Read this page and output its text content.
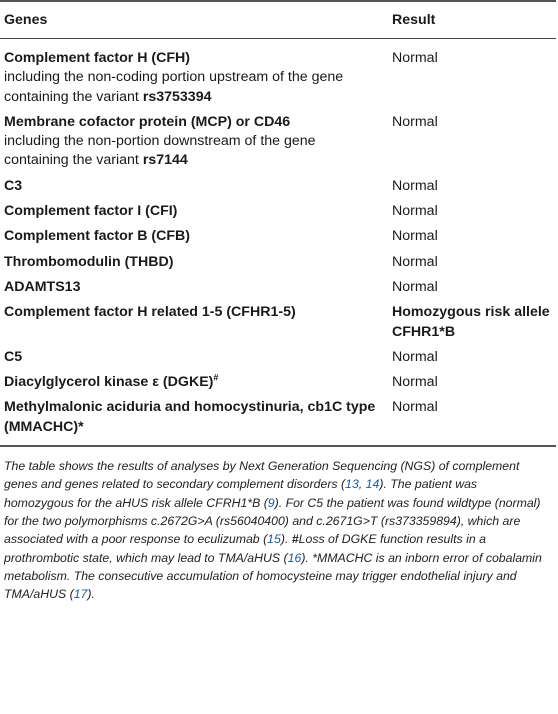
Genes	Result

Complement factor H (CFH)
including the non-coding portion upstream of the gene containing the variant rs3753394	Normal

Membrane cofactor protein (MCP) or CD46
including the non-portion downstream of the gene containing the variant rs7144	Normal
C3	Normal
Complement factor I (CFI)	Normal
Complement factor B (CFB)	Normal
Thrombomodulin (THBD)	Normal
ADAMTS13	Normal
Complement factor H related 1-5 (CFHR1-5)	Homozygous risk allele CFHR1*B
C5	Normal
Diacylglycerol kinase ε (DGKE)#	Normal
Methylmalonic aciduria and homocystinuria, cb1C type (MMACHC)*	Normal

The table shows the results of analyses by Next Generation Sequencing (NGS) of complement genes and genes related to secondary complement disorders (13, 14). The patient was homozygous for the aHUS risk allele CFRH1*B (9). For C5 the patient was found wildtype (normal) for the two polymorphisms c.2672G>A (rs56040400) and c.2671G>T (rs373359894), which are associated with a poor response to eculizumab (15). #Loss of DGKE function results in a prothrombotic state, which may lead to TMA/aHUS (16). *MMACHC is an inborn error of cobalamin metabolism. The consecutive accumulation of homocysteine may trigger endothelial injury and TMA/aHUS (17).
